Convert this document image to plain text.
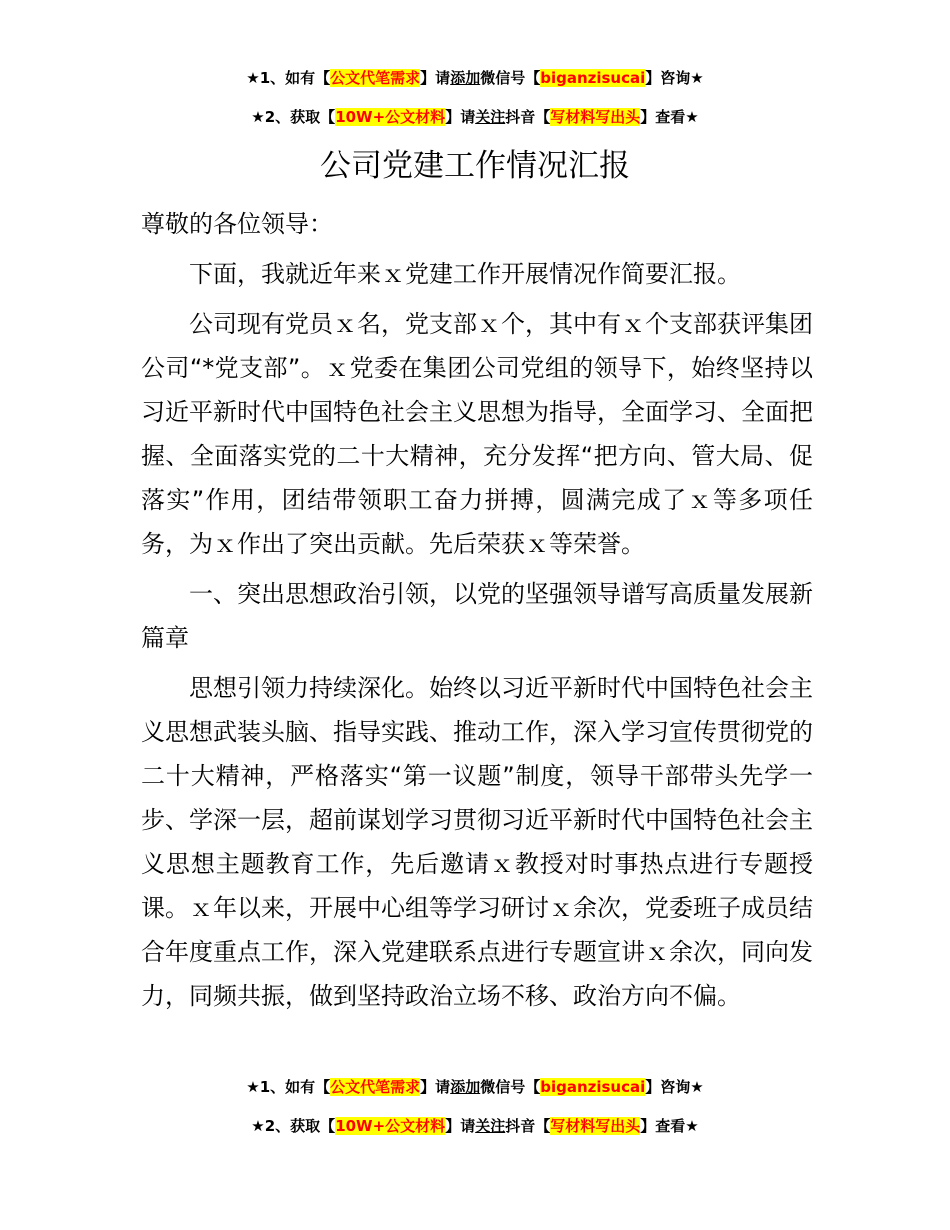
★1、如有【公文代笔需求】请添加微信号【biganzisucai】咨询★
★2、获取【10W+公文材料】请关注抖音【写材料写出头】查看★
公司党建工作情况汇报

尊敬的各位领导：

下面，我就近年来ｘ党建工作开展情况作简要汇报。

公司现有党员ｘ名，党支部ｘ个，其中有ｘ个支部获评集团公司“*党支部”。ｘ党委在集团公司党组的领导下，始终坚持以习近平新时代中国特色社会主义思想为指导，全面学习、全面把握、全面落实党的二十大精神，充分发挥“把方向、管大局、促落实”作用，团结带领职工奋力拼搏，圆满完成了ｘ等多项任务，为ｘ作出了突出贡献。先后荣获ｘ等荣誉。

一、突出思想政治引领，以党的坚强领导谱写高质量发展新篇章

思想引领力持续深化。始终以习近平新时代中国特色社会主义思想武装头脑、指导实践、推动工作，深入学习宣传贯彻党的二十大精神，严格落实“第一议题”制度，领导干部带头先学一步、学深一层，超前谋划学习贯彻习近平新时代中国特色社会主义思想主题教育工作，先后邀请ｘ教授对时事热点进行专题授课。ｘ年以来，开展中心组等学习研讨ｘ余次，党委班子成员结合年度重点工作，深入党建联系点进行专题宣讲ｘ余次，同向发力，同频共振，做到坚持政治立场不移、政治方向不偏。

★1、如有【公文代笔需求】请添加微信号【biganzisucai】咨询★
★2、获取【10W+公文材料】请关注抖音【写材料写出头】查看★
